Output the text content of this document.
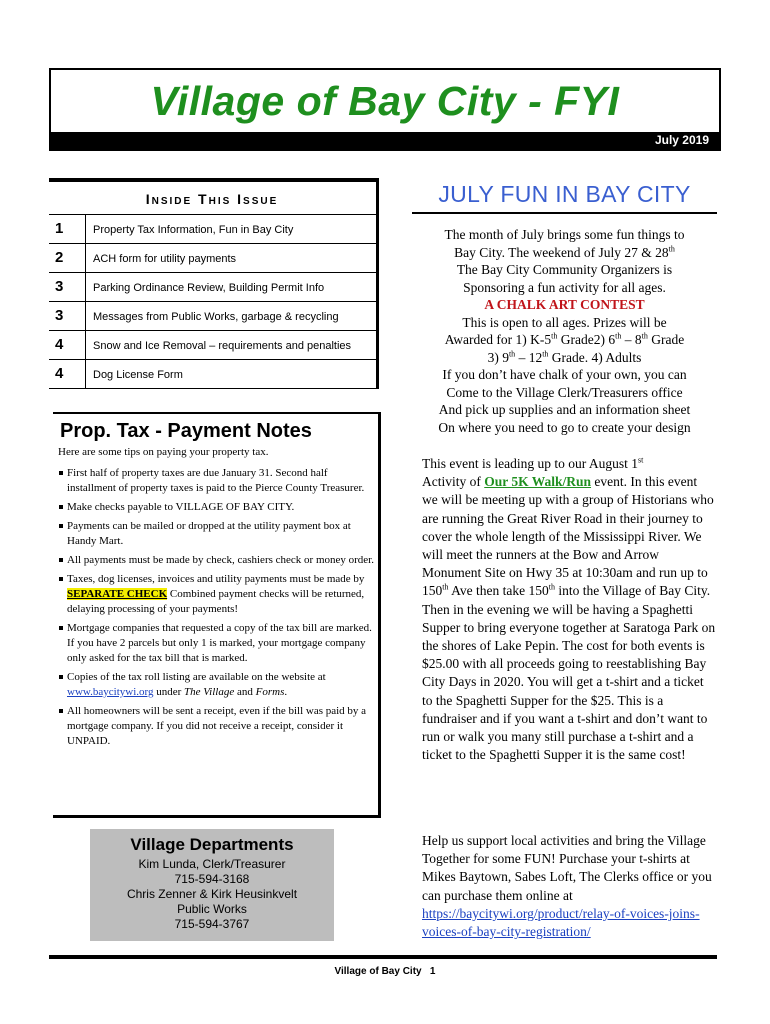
Village of Bay City - FYI
July 2019
Inside This Issue
1	Property Tax Information, Fun in Bay City
2	ACH form for utility payments
3	Parking Ordinance Review, Building Permit Info
3	Messages from Public Works, garbage & recycling
4	Snow and Ice Removal – requirements and penalties
4	Dog License Form
Prop. Tax - Payment Notes
Here are some tips on paying your property tax.
First half of property taxes are due January 31. Second half installment of property taxes is paid to the Pierce County Treasurer.
Make checks payable to VILLAGE OF BAY CITY.
Payments can be mailed or dropped at the utility payment box at Handy Mart.
All payments must be made by check, cashiers check or money order.
Taxes, dog licenses, invoices and utility payments must be made by SEPARATE CHECK Combined payment checks will be returned, delaying processing of your payments!
Mortgage companies that requested a copy of the tax bill are marked. If you have 2 parcels but only 1 is marked, your mortgage company only asked for the tax bill that is marked.
Copies of the tax roll listing are available on the website at www.baycitywi.org under The Village and Forms.
All homeowners will be sent a receipt, even if the bill was paid by a mortgage company. If you did not receive a receipt, consider it UNPAID.
Village Departments
Kim Lunda, Clerk/Treasurer
715-594-3168
Chris Zenner & Kirk Heusinkvelt
Public Works
715-594-3767
JULY FUN IN BAY CITY
The month of July brings some fun things to
Bay City. The weekend of July 27 & 28th
The Bay City Community Organizers is
Sponsoring a fun activity for all ages.
A CHALK ART CONTEST
This is open to all ages. Prizes will be
Awarded for 1) K-5th Grade2) 6th – 8th Grade
3) 9th – 12th Grade. 4) Adults
If you don’t have chalk of your own, you can
Come to the Village Clerk/Treasurers office
And pick up supplies and an information sheet
On where you need to go to create your design
This event is leading up to our August 1st
Activity of Our 5K Walk/Run event. In this event we will be meeting up with a group of Historians who are running the Great River Road in their journey to cover the whole length of the Mississippi River. We will meet the runners at the Bow and Arrow Monument Site on Hwy 35 at 10:30am and run up to 150th Ave then take 150th into the Village of Bay City. Then in the evening we will be having a Spaghetti Supper to bring everyone together at Saratoga Park on the shores of Lake Pepin. The cost for both events is $25.00 with all proceeds going to reestablishing Bay City Days in 2020. You will get a t-shirt and a ticket to the Spaghetti Supper for the $25. This is a fundraiser and if you want a t-shirt and don’t want to run or walk you many still purchase a t-shirt and a ticket to the Spaghetti Supper it is the same cost!
Help us support local activities and bring the Village Together for some FUN! Purchase your t-shirts at Mikes Baytown, Sabes Loft, The Clerks office or you can purchase them online at https://baycitywi.org/product/relay-of-voices-joins-voices-of-bay-city-registration/
Village of Bay City   1
